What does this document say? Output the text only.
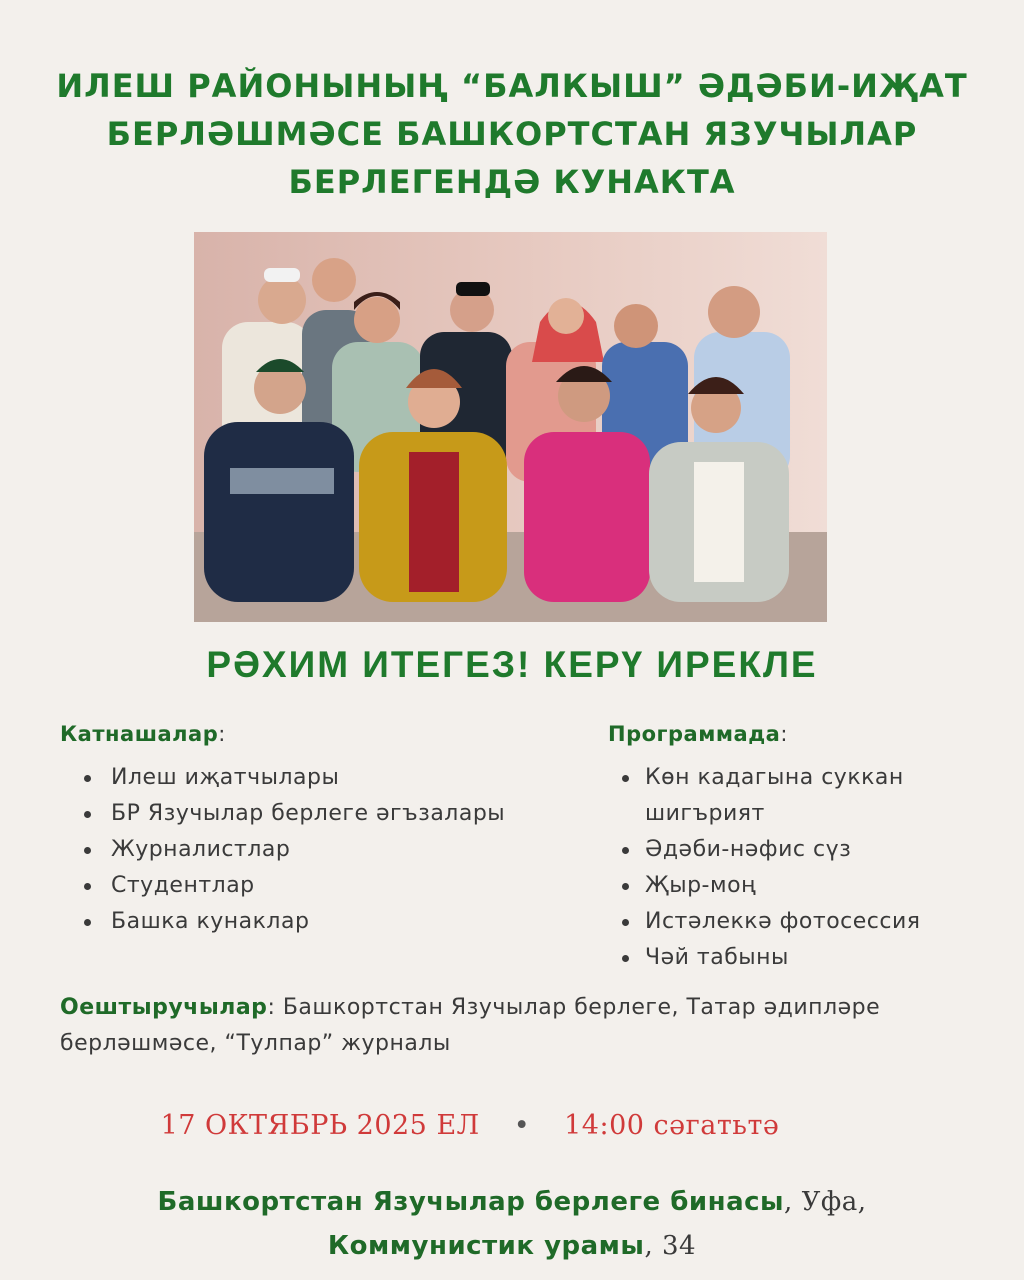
ИЛЕШ РАЙОНЫНЫҢ “БАЛКЫШ” ӘДӘБИ-ИҖАТ
БЕРЛӘШМӘСЕ БАШКОРТСТАН ЯЗУЧЫЛАР
БЕРЛЕГЕНДӘ КУНАКТА
РӘХИМ ИТЕГЕЗ! КЕРҮ ИРЕКЛЕ

Катнашалар:

Илеш иҗатчылары
БР Язучылар берлеге әгъзалары
Журналистлар
Студентлар
Башка кунаклар

Программада:

Көн кадагына суккан шигърият
Әдәби-нәфис сүз
Җыр-моң
Истәлеккә фотосессия
Чәй табыны

Оештыручылар: Башкортстан Язучылар берлеге, Татар әдипләре берләшмәсе, “Тулпар” журналы

17 ОКТЯБРЬ 2025 ЕЛ • 14:00 сәгатьтә

Башкортстан Язучылар берлеге бинасы, Уфа,
Коммунистик урамы, 34
